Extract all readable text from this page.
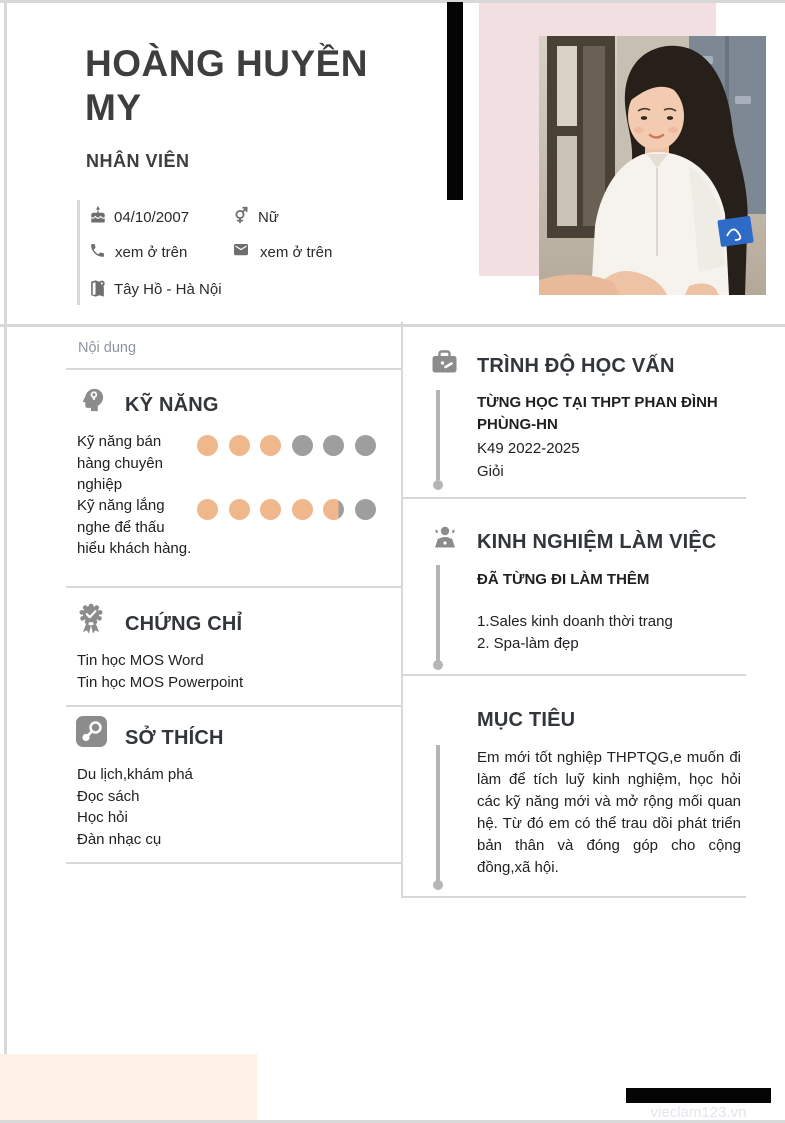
HOÀNG HUYỀN MY
NHÂN VIÊN
04/10/2007	Nữ
xem ở trên	xem ở trên
Tây Hồ - Hà Nội
Nội dung
KỸ NĂNG
Kỹ năng bán hàng chuyên nghiệp
Kỹ năng lắng nghe để thấu hiểu khách hàng.
CHỨNG CHỈ
Tin học MOS Word
Tin học MOS Powerpoint
SỞ THÍCH
Du lịch,khám phá
Đọc sách
Học hỏi
Đàn nhạc cụ
TRÌNH ĐỘ HỌC VẤN
TỪNG HỌC TẠI THPT PHAN ĐÌNH PHÙNG-HN
K49 2022-2025
Giỏi
KINH NGHIỆM LÀM VIỆC
ĐÃ TỪNG ĐI LÀM THÊM
1.Sales kinh doanh thời trang
2. Spa-làm đẹp
MỤC TIÊU
Em mới tốt nghiệp THPTQG,e muốn đi làm để tích luỹ kinh nghiệm, học hỏi các kỹ năng mới và mở rộng mối quan hệ. Từ đó em có thể trau dồi phát triển bản thân và đóng góp cho cộng đồng,xã hội.
vieclam123.vn
